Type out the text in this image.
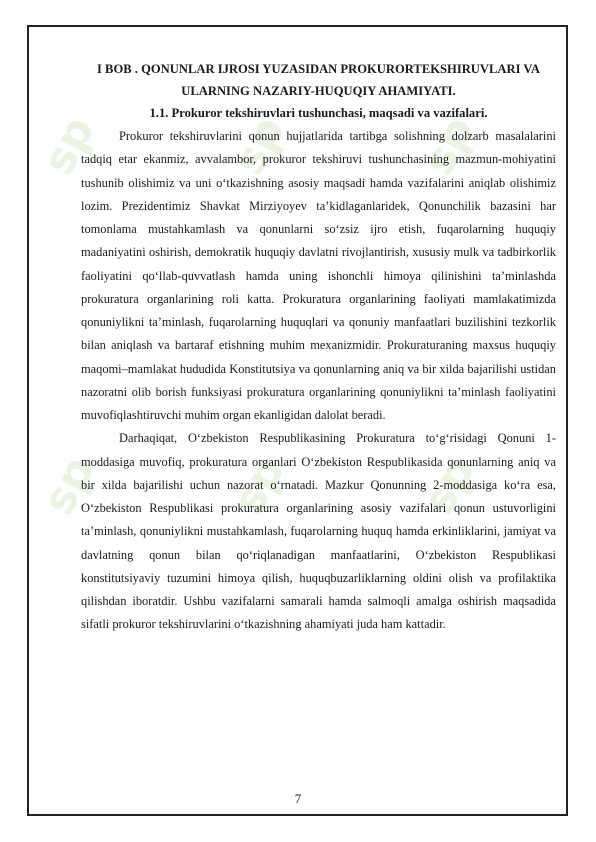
sp	sp	sp
sp	sp	sp

I BOB . QONUNLAR IJROSI YUZASIDAN PROKURORTEKSHIRUVLARI VA ULARNING NAZARIY-HUQUQIY AHAMIYATI.

1.1. Prokuror tekshiruvlari tushunchasi, maqsadi va vazifalari.

Prokuror tekshiruvlarini qonun hujjatlarida tartibga solishning dolzarb masalalarini tadqiq etar ekanmiz, avvalambor, prokuror tekshiruvi tushunchasining mazmun-mohiyatini tushunib olishimiz va uni o‘tkazishning asosiy maqsadi hamda vazifalarini aniqlab olishimiz lozim. Prezidentimiz Shavkat Mirziyoyev ta’kidlaganlaridek, Qonunchilik bazasini har tomonlama mustahkamlash va qonunlarni so‘zsiz ijro etish, fuqarolarning huquqiy madaniyatini oshirish, demokratik huquqiy davlatni rivojlantirish, xususiy mulk va tadbirkorlik faoliyatini qo‘llab-quvvatlash hamda uning ishonchli himoya qilinishini ta’minlashda prokuratura organlarining roli katta. Prokuratura organlarining faoliyati mamlakatimizda qonuniylikni ta’minlash, fuqarolarning huquqlari va qonuniy manfaatlari buzilishini tezkorlik bilan aniqlash va bartaraf etishning muhim mexanizmidir. Prokuraturaning maxsus huquqiy maqomi–mamlakat hududida Konstitutsiya va qonunlarning aniq va bir xilda bajarilishi ustidan nazoratni olib borish funksiyasi prokuratura organlarining qonuniylikni ta’minlash faoliyatini muvofiqlashtiruvchi muhim organ ekanligidan dalolat beradi.

Darhaqiqat, O‘zbekiston Respublikasining Prokuratura to‘g‘risidagi Qonuni 1-moddasiga muvofiq, prokuratura organlari O‘zbekiston Respublikasida qonunlarning aniq va bir xilda bajarilishi uchun nazorat o‘rnatadi. Mazkur Qonunning 2-moddasiga ko‘ra esa, O‘zbekiston Respublikasi prokuratura organlarining asosiy vazifalari qonun ustuvorligini ta’minlash, qonuniylikni mustahkamlash, fuqarolarning huquq hamda erkinliklarini, jamiyat va davlatning qonun bilan qo‘riqlanadigan manfaatlarini, O‘zbekiston Respublikasi konstitutsiyaviy tuzumini himoya qilish, huquqbuzarliklarning oldini olish va profilaktika qilishdan iboratdir. Ushbu vazifalarni samarali hamda salmoqli amalga oshirish maqsadida sifatli prokuror tekshiruvlarini o‘tkazishning ahamiyati juda ham kattadir.

7
